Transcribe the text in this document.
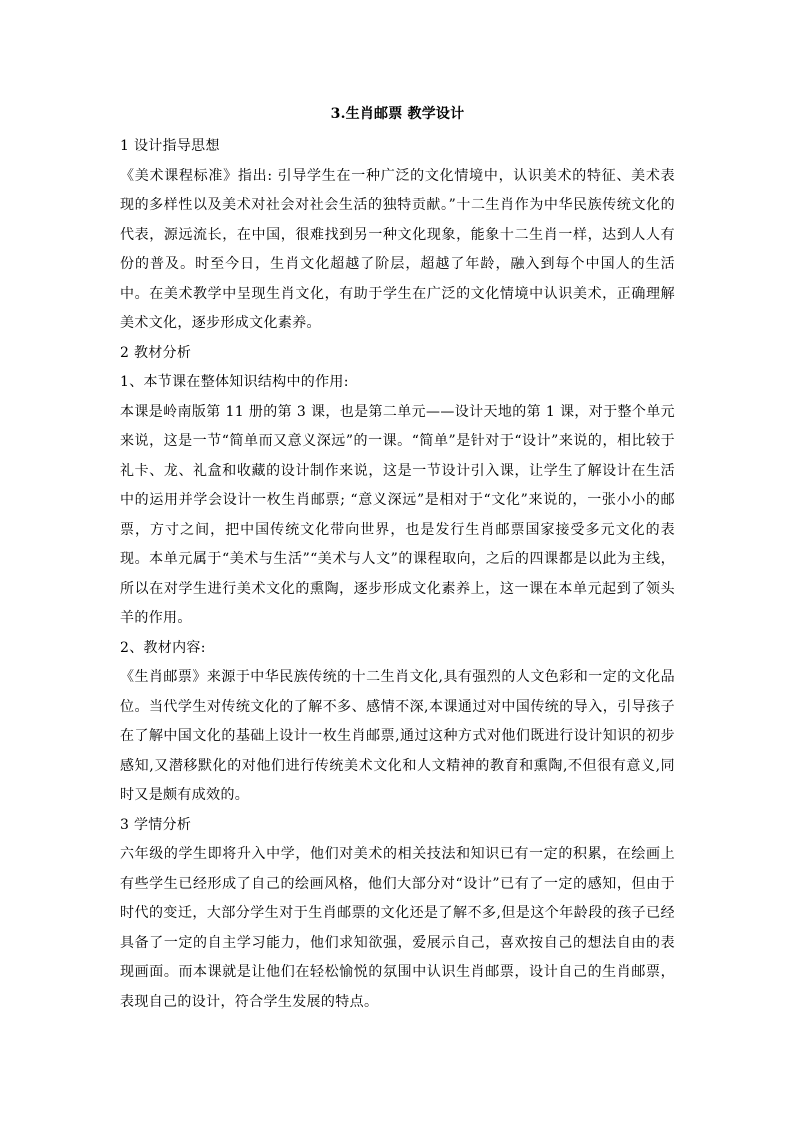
3.生肖邮票 教学设计

1 设计指导思想

《美术课程标准》指出: 引导学生在一种广泛的文化情境中，认识美术的特征、美术表现的多样性以及美术对社会对社会生活的独特贡献。”十二生肖作为中华民族传统文化的代表，源远流长，在中国，很难找到另一种文化现象，能象十二生肖一样，达到人人有份的普及。时至今日，生肖文化超越了阶层，超越了年龄，融入到每个中国人的生活中。在美术教学中呈现生肖文化，有助于学生在广泛的文化情境中认识美术，正确理解美术文化，逐步形成文化素养。

2 教材分析

1、本节课在整体知识结构中的作用:

本课是岭南版第 11 册的第 3 课，也是第二单元——设计天地的第 1 课，对于整个单元来说，这是一节“简单而又意义深远”的一课。“简单”是针对于“设计”来说的，相比较于礼卡、龙、礼盒和收藏的设计制作来说，这是一节设计引入课，让学生了解设计在生活中的运用并学会设计一枚生肖邮票; “意义深远”是相对于“文化”来说的，一张小小的邮票，方寸之间，把中国传统文化带向世界，也是发行生肖邮票国家接受多元文化的表现。本单元属于“美术与生活”“美术与人文”的课程取向，之后的四课都是以此为主线，所以在对学生进行美术文化的熏陶，逐步形成文化素养上，这一课在本单元起到了领头羊的作用。

2、教材内容:

《生肖邮票》来源于中华民族传统的十二生肖文化,具有强烈的人文色彩和一定的文化品位。当代学生对传统文化的了解不多、感情不深,本课通过对中国传统的导入，引导孩子在了解中国文化的基础上设计一枚生肖邮票,通过这种方式对他们既进行设计知识的初步感知,又潜移默化的对他们进行传统美术文化和人文精神的教育和熏陶,不但很有意义,同时又是颇有成效的。

3 学情分析

六年级的学生即将升入中学，他们对美术的相关技法和知识已有一定的积累，在绘画上有些学生已经形成了自己的绘画风格，他们大部分对“设计”已有了一定的感知，但由于时代的变迁，大部分学生对于生肖邮票的文化还是了解不多,但是这个年龄段的孩子已经具备了一定的自主学习能力，他们求知欲强，爱展示自己，喜欢按自己的想法自由的表现画面。而本课就是让他们在轻松愉悦的氛围中认识生肖邮票，设计自己的生肖邮票，表现自己的设计，符合学生发展的特点。
